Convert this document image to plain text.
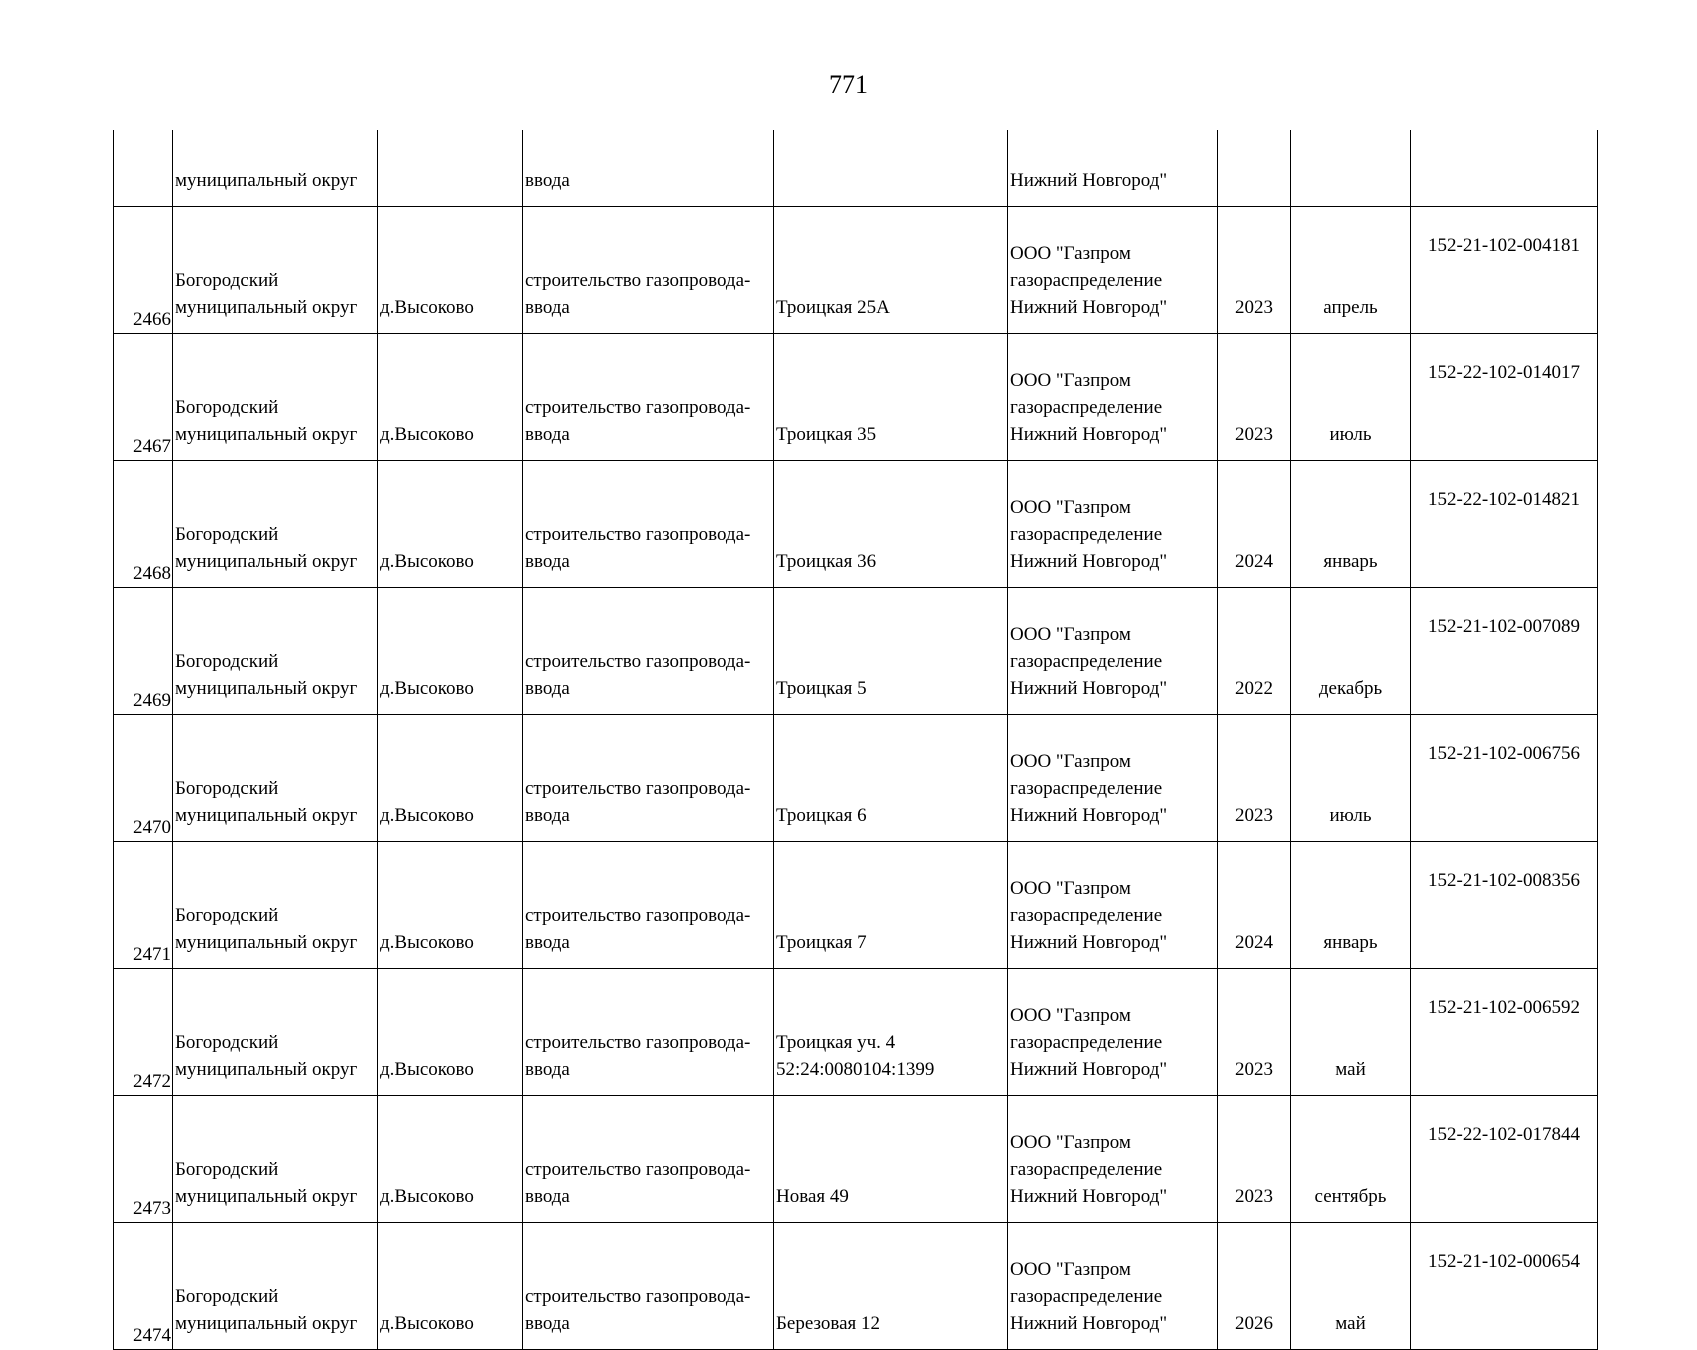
771
	муниципальный округ		ввода		Нижний Новгород"			
2466	Богородский
муниципальный округ	д.Высоково	строительство газопровода-
ввода	Троицкая 25А	ООО "Газпром
газораспределение
Нижний Новгород"	2023	апрель	152-21-102-004181
2467	Богородский
муниципальный округ	д.Высоково	строительство газопровода-
ввода	Троицкая 35	ООО "Газпром
газораспределение
Нижний Новгород"	2023	июль	152-22-102-014017
2468	Богородский
муниципальный округ	д.Высоково	строительство газопровода-
ввода	Троицкая 36	ООО "Газпром
газораспределение
Нижний Новгород"	2024	январь	152-22-102-014821
2469	Богородский
муниципальный округ	д.Высоково	строительство газопровода-
ввода	Троицкая 5	ООО "Газпром
газораспределение
Нижний Новгород"	2022	декабрь	152-21-102-007089
2470	Богородский
муниципальный округ	д.Высоково	строительство газопровода-
ввода	Троицкая 6	ООО "Газпром
газораспределение
Нижний Новгород"	2023	июль	152-21-102-006756
2471	Богородский
муниципальный округ	д.Высоково	строительство газопровода-
ввода	Троицкая 7	ООО "Газпром
газораспределение
Нижний Новгород"	2024	январь	152-21-102-008356
2472	Богородский
муниципальный округ	д.Высоково	строительство газопровода-
ввода	Троицкая уч. 4
52:24:0080104:1399	ООО "Газпром
газораспределение
Нижний Новгород"	2023	май	152-21-102-006592
2473	Богородский
муниципальный округ	д.Высоково	строительство газопровода-
ввода	Новая 49	ООО "Газпром
газораспределение
Нижний Новгород"	2023	сентябрь	152-22-102-017844
2474	Богородский
муниципальный округ	д.Высоково	строительство газопровода-
ввода	Березовая 12	ООО "Газпром
газораспределение
Нижний Новгород"	2026	май	152-21-102-000654
